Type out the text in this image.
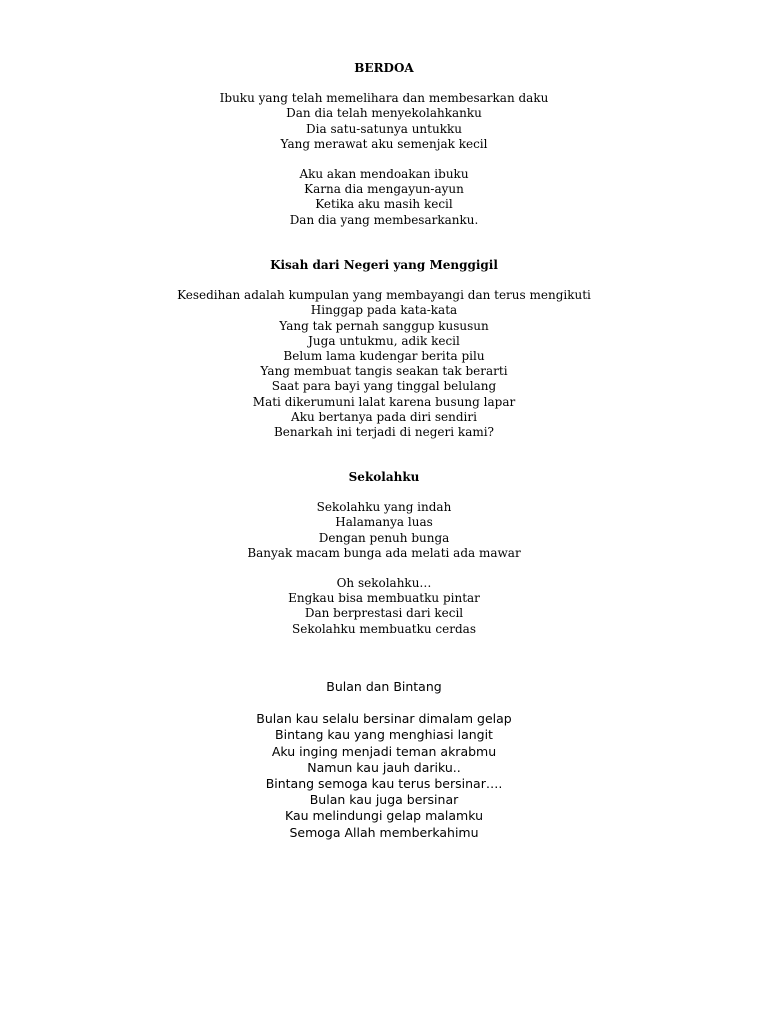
BERDOA
Ibuku yang telah memelihara dan membesarkan daku
Dan dia telah menyekolahkanku
Dia satu-satunya untukku
Yang merawat aku semenjak kecil
Aku akan mendoakan ibuku
Karna dia mengayun-ayun
Ketika aku masih kecil
Dan dia yang membesarkanku.
Kisah dari Negeri yang Menggigil
Kesedihan adalah kumpulan yang membayangi dan terus mengikuti
Hinggap pada kata-kata
Yang tak pernah sanggup kususun
Juga untukmu, adik kecil
Belum lama kudengar berita pilu
Yang membuat tangis seakan tak berarti
Saat para bayi yang tinggal belulang
Mati dikerumuni lalat karena busung lapar
Aku bertanya pada diri sendiri
Benarkah ini terjadi di negeri kami?
Sekolahku
Sekolahku yang indah
Halamanya luas
Dengan penuh bunga
Banyak macam bunga ada melati ada mawar
Oh sekolahku…
Engkau bisa membuatku pintar
Dan berprestasi dari kecil
Sekolahku membuatku cerdas
Bulan dan Bintang
Bulan kau selalu bersinar dimalam gelap
Bintang kau yang menghiasi langit
Aku inging menjadi teman akrabmu
Namun kau jauh dariku..
Bintang semoga kau terus bersinar….
Bulan kau juga bersinar
Kau melindungi gelap malamku
Semoga Allah memberkahimu
